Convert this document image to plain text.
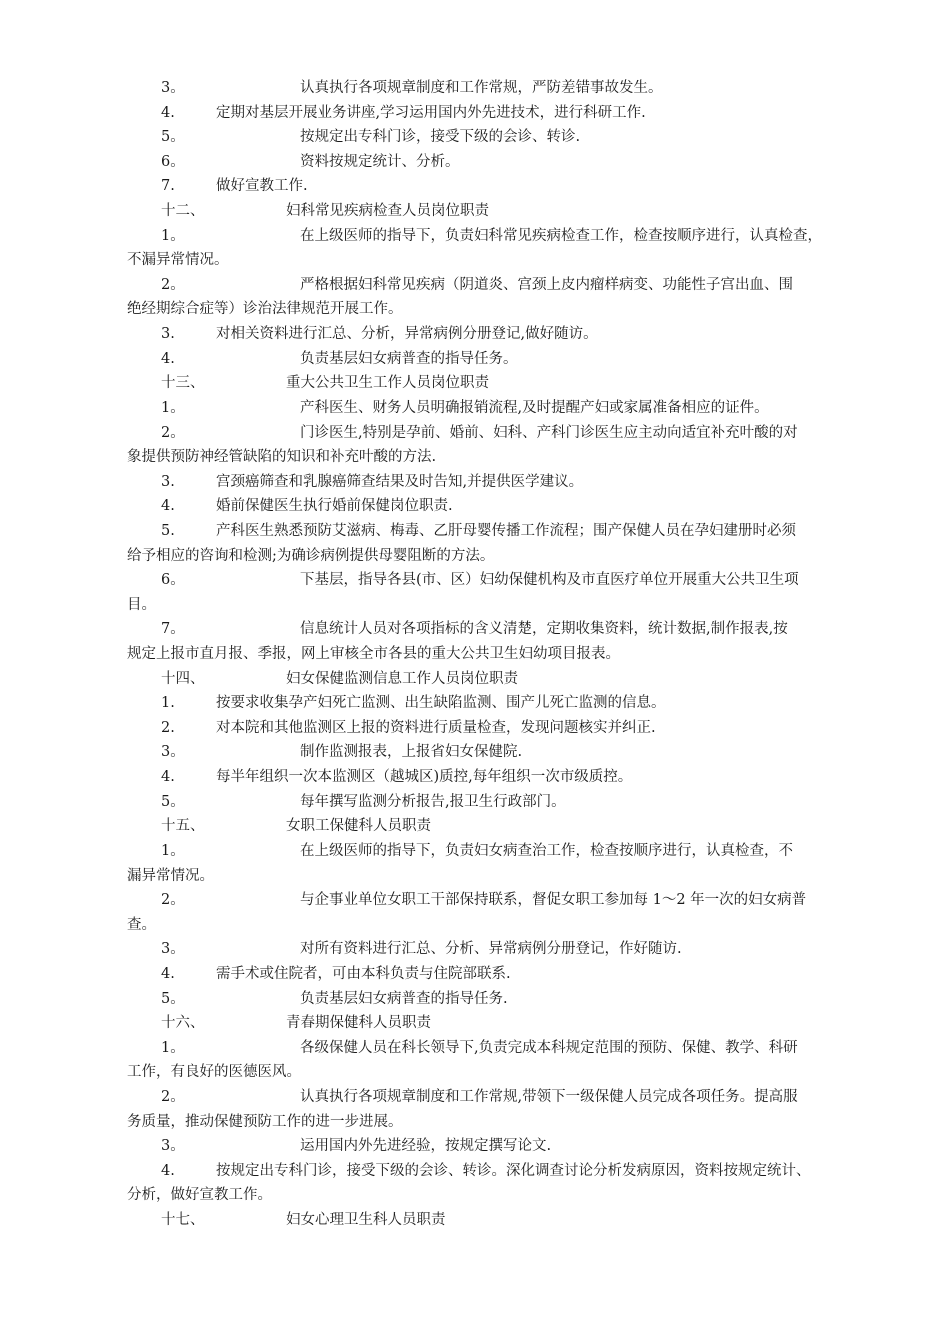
3。	认真执行各项规章制度和工作常规，严防差错事故发生。
4.	定期对基层开展业务讲座,学习运用国内外先进技术，进行科研工作.
5。	按规定出专科门诊，接受下级的会诊、转诊.
6。	资料按规定统计、分析。
7.	做好宣教工作.
十二、	妇科常见疾病检查人员岗位职责
1。	在上级医师的指导下，负责妇科常见疾病检查工作，检查按顺序进行，认真检查，
不漏异常情况。
2。	严格根据妇科常见疾病（阴道炎、宫颈上皮内瘤样病变、功能性子宫出血、围
绝经期综合症等）诊治法律规范开展工作。
3.	对相关资料进行汇总、分析，异常病例分册登记,做好随访。
4.	负责基层妇女病普查的指导任务。
十三、	重大公共卫生工作人员岗位职责
1。	产科医生、财务人员明确报销流程,及时提醒产妇或家属准备相应的证件。
2。	门诊医生,特别是孕前、婚前、妇科、产科门诊医生应主动向适宜补充叶酸的对
象提供预防神经管缺陷的知识和补充叶酸的方法.
3.	宫颈癌筛查和乳腺癌筛查结果及时告知,并提供医学建议。
4.	婚前保健医生执行婚前保健岗位职责.
5.	产科医生熟悉预防艾滋病、梅毒、乙肝母婴传播工作流程；围产保健人员在孕妇建册时必须
给予相应的咨询和检测;为确诊病例提供母婴阻断的方法。
6。	下基层，指导各县(市、区）妇幼保健机构及市直医疗单位开展重大公共卫生项
目。
7。	信息统计人员对各项指标的含义清楚，定期收集资料，统计数据,制作报表,按
规定上报市直月报、季报，网上审核全市各县的重大公共卫生妇幼项目报表。
十四、	妇女保健监测信息工作人员岗位职责
1.	按要求收集孕产妇死亡监测、出生缺陷监测、围产儿死亡监测的信息。
2.	对本院和其他监测区上报的资料进行质量检查，发现问题核实并纠正.
3。	制作监测报表，上报省妇女保健院.
4.	每半年组织一次本监测区（越城区)质控,每年组织一次市级质控。
5。	每年撰写监测分析报告,报卫生行政部门。
十五、	女职工保健科人员职责
1。	在上级医师的指导下，负责妇女病查治工作，检查按顺序进行，认真检查，不
漏异常情况。
2。	与企事业单位女职工干部保持联系，督促女职工参加每 1～2 年一次的妇女病普
查。
3。	对所有资料进行汇总、分析、异常病例分册登记，作好随访.
4.	需手术或住院者，可由本科负责与住院部联系.
5。	负责基层妇女病普查的指导任务.
十六、	青春期保健科人员职责
1。	各级保健人员在科长领导下,负责完成本科规定范围的预防、保健、教学、科研
工作，有良好的医德医风。
2。	认真执行各项规章制度和工作常规,带领下一级保健人员完成各项任务。提高服
务质量，推动保健预防工作的进一步进展。
3。	运用国内外先进经验，按规定撰写论文.
4.	按规定出专科门诊，接受下级的会诊、转诊。深化调查讨论分析发病原因，资料按规定统计、
分析，做好宣教工作。
十七、	妇女心理卫生科人员职责
